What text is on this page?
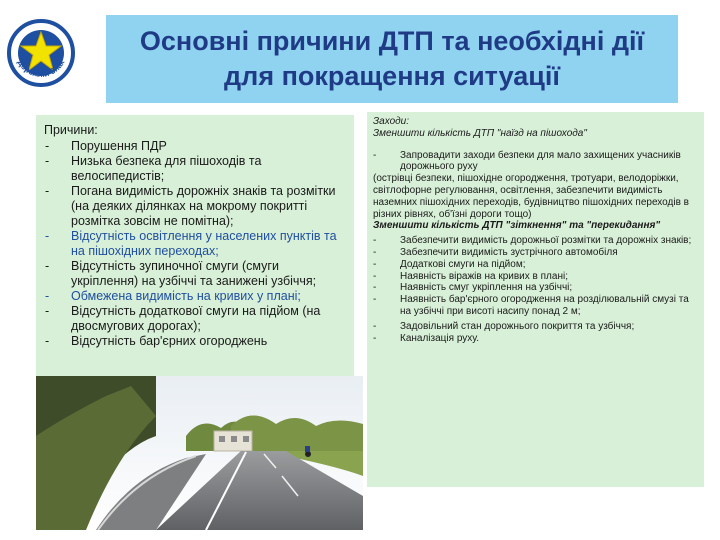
Дорожній Знак
Основні причини ДТП та необхідні дії для покращення ситуації
Причини:
- Порушення ПДР
- Низька безпека для пішоходів та велосипедистів;
- Погана видимість дорожніх знаків та розмітки (на деяких ділянках на мокрому покритті розмітка зовсім не помітна);
- Відсутність освітлення у населених пунктів та на пішохідних переходах;
- Відсутність зупиночної смуги (смуги укріплення) на узбіччі та занижені узбіччя;
- Обмежена видимість на кривих у плані;
- Відсутність додаткової смуги на підйом (на двосмугових дорогах);
- Відсутність бар'єрних огороджень
Заходи:
Зменшити кількість ДТП "наїзд на пішохода"
- Запровадити заходи безпеки для мало захищених учасників дорожнього руху
(острівці безпеки, пішохідне огородження, тротуари, велодоріжки, світлофорне регулювання, освітлення, забезпечити видимість наземних пішохідних переходів, будівництво пішохідних переходів в різних рівнях, об'їзні дороги тощо)
Зменшити кількість ДТП "зіткнення" та "перекидання"
- Забезпечити видимість дорожньої розмітки та дорожніх знаків;
- Забезпечити видимість зустрічного автомобіля
- Додаткові смуги на підйом;
- Наявність віражів на кривих в плані;
- Наявність смуг укріплення на узбіччі;
- Наявність бар'єрного огородження на розділювальній смузі та на узбіччі при висоті насипу понад 2 м;
- Задовільний стан дорожнього покриття та узбіччя;
- Каналізація руху.
